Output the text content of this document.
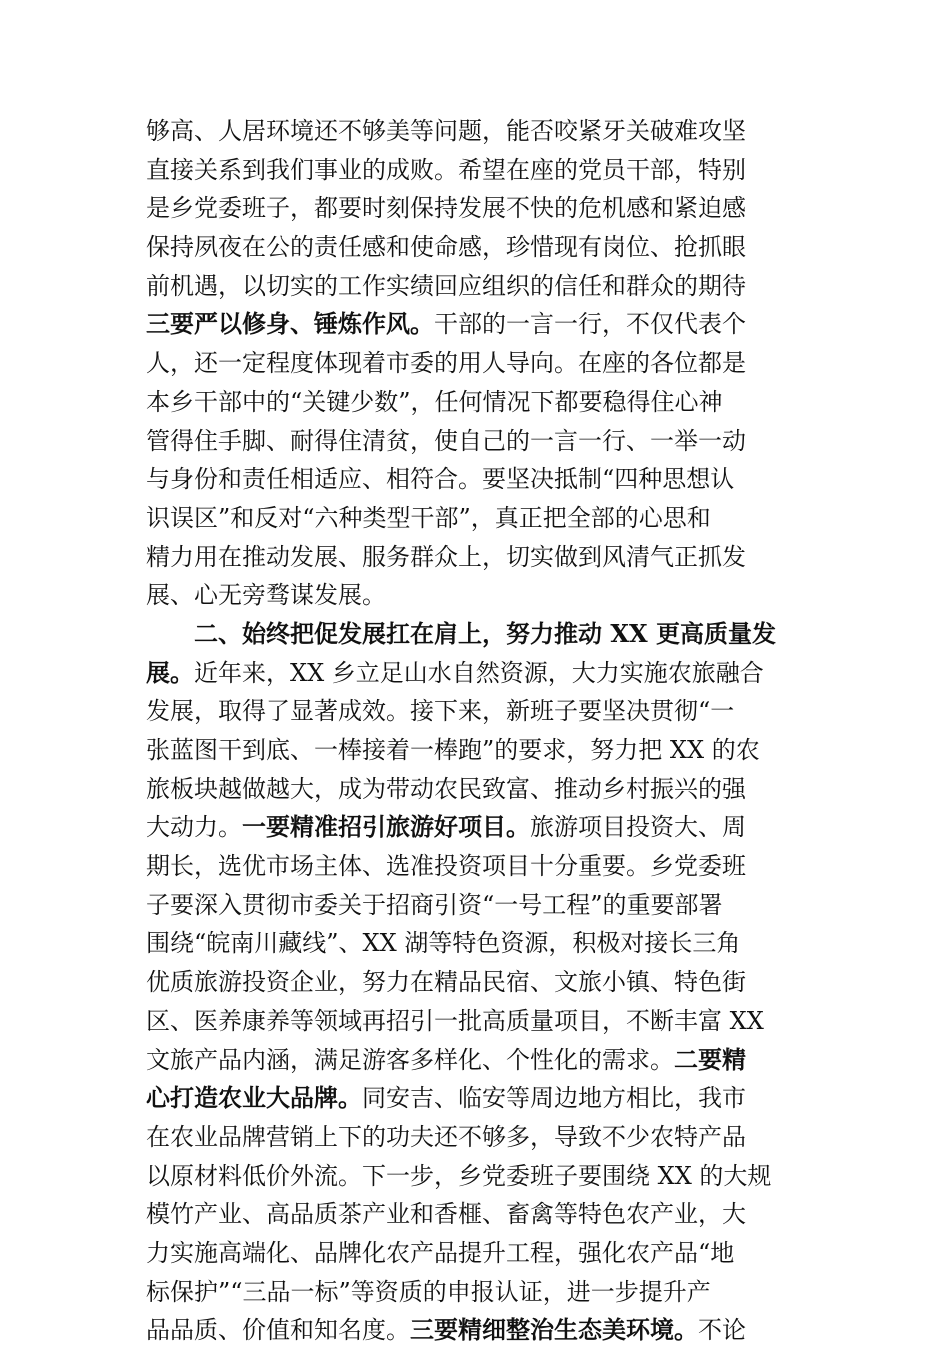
够高、人居环境还不够美等问题，能否咬紧牙关破难攻坚
直接关系到我们事业的成败。希望在座的党员干部，特别
是乡党委班子，都要时刻保持发展不快的危机感和紧迫感
保持夙夜在公的责任感和使命感，珍惜现有岗位、抢抓眼
前机遇，以切实的工作实绩回应组织的信任和群众的期待
三要严以修身、锤炼作风。干部的一言一行，不仅代表个
人，还一定程度体现着市委的用人导向。在座的各位都是
本乡干部中的“关键少数”，任何情况下都要稳得住心神
管得住手脚、耐得住清贫，使自己的一言一行、一举一动
与身份和责任相适应、相符合。要坚决抵制“四种思想认
识误区”和反对“六种类型干部”，真正把全部的心思和
精力用在推动发展、服务群众上，切实做到风清气正抓发
展、心无旁骛谋发展。
二、始终把促发展扛在肩上，努力推动 XX 更高质量发
展。近年来，XX 乡立足山水自然资源，大力实施农旅融合
发展，取得了显著成效。接下来，新班子要坚决贯彻“一
张蓝图干到底、一棒接着一棒跑”的要求，努力把 XX 的农
旅板块越做越大，成为带动农民致富、推动乡村振兴的强
大动力。一要精准招引旅游好项目。旅游项目投资大、周
期长，选优市场主体、选准投资项目十分重要。乡党委班
子要深入贯彻市委关于招商引资“一号工程”的重要部署
围绕“皖南川藏线”、XX 湖等特色资源，积极对接长三角
优质旅游投资企业，努力在精品民宿、文旅小镇、特色街
区、医养康养等领域再招引一批高质量项目，不断丰富 XX
文旅产品内涵，满足游客多样化、个性化的需求。二要精
心打造农业大品牌。同安吉、临安等周边地方相比，我市
在农业品牌营销上下的功夫还不够多，导致不少农特产品
以原材料低价外流。下一步，乡党委班子要围绕 XX 的大规
模竹产业、高品质茶产业和香榧、畜禽等特色农产业，大
力实施高端化、品牌化农产品提升工程，强化农产品“地
标保护”“三品一标”等资质的申报认证，进一步提升产
品品质、价值和知名度。三要精细整治生态美环境。不论
